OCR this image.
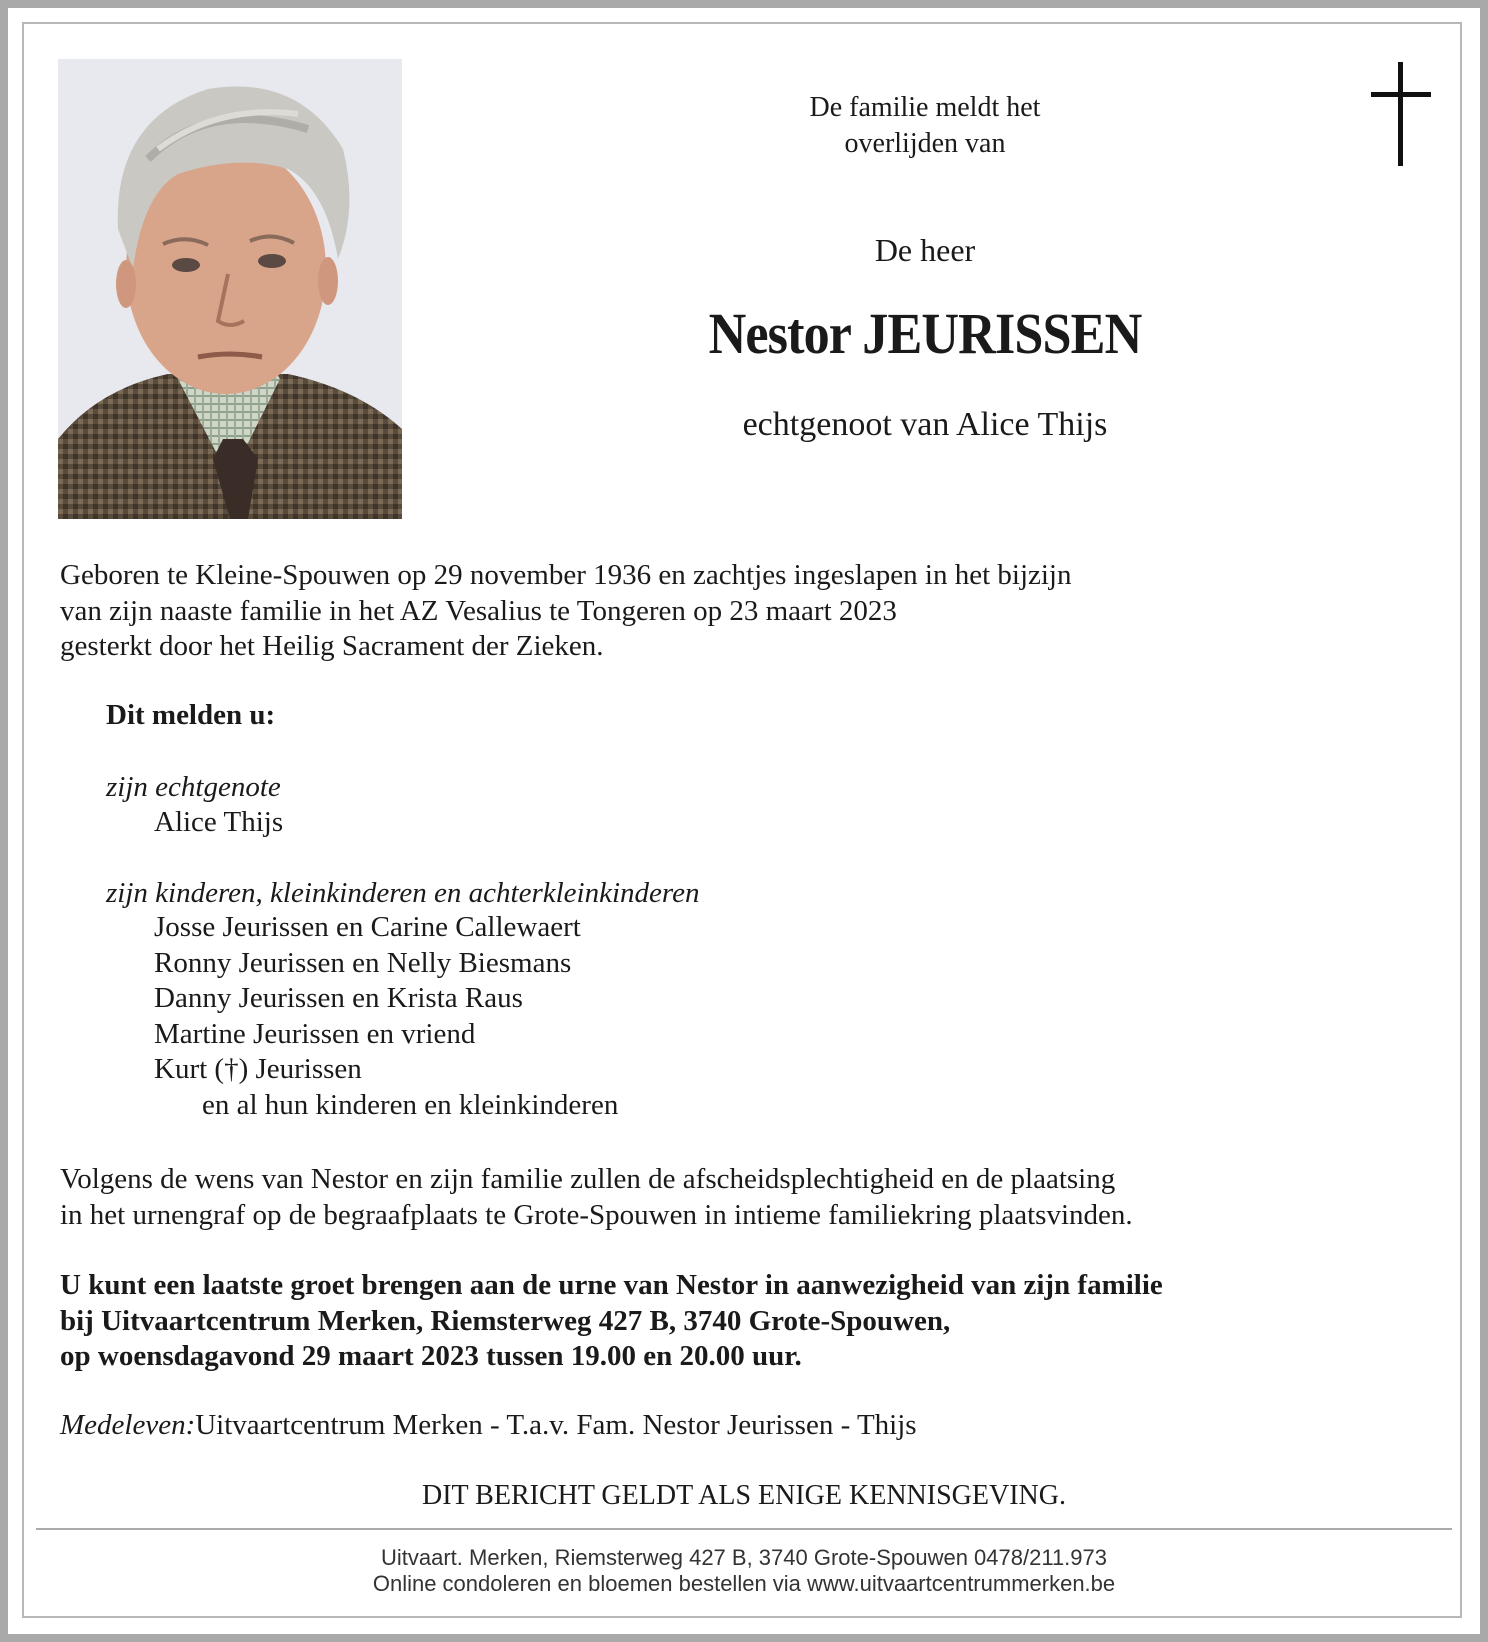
De familie meldt het
overlijden van
De heer
Nestor JEURISSEN
echtgenoot van Alice Thijs
Geboren te Kleine-Spouwen op 29 november 1936 en zachtjes ingeslapen in het bijzijn
van zijn naaste familie in het AZ Vesalius te Tongeren op 23 maart 2023
gesterkt door het Heilig Sacrament der Zieken.
Dit melden u:
zijn echtgenote
Alice Thijs
zijn kinderen, kleinkinderen en achterkleinkinderen
Josse Jeurissen en Carine Callewaert
Ronny Jeurissen en Nelly Biesmans
Danny Jeurissen en Krista Raus
Martine Jeurissen en vriend
Kurt (†) Jeurissen
en al hun kinderen en kleinkinderen
Volgens de wens van Nestor en zijn familie zullen de afscheidsplechtigheid en de plaatsing
in het urnengraf op de begraafplaats te Grote-Spouwen in intieme familiekring plaatsvinden.
U kunt een laatste groet brengen aan de urne van Nestor in aanwezigheid van zijn familie
bij Uitvaartcentrum Merken, Riemsterweg 427 B, 3740 Grote-Spouwen,
op woensdagavond 29 maart 2023 tussen 19.00 en 20.00 uur.
Medeleven:Uitvaartcentrum Merken - T.a.v. Fam. Nestor Jeurissen - Thijs
DIT BERICHT GELDT ALS ENIGE KENNISGEVING.
Uitvaart. Merken, Riemsterweg 427 B, 3740 Grote-Spouwen 0478/211.973
Online condoleren en bloemen bestellen via www.uitvaartcentrummerken.be
